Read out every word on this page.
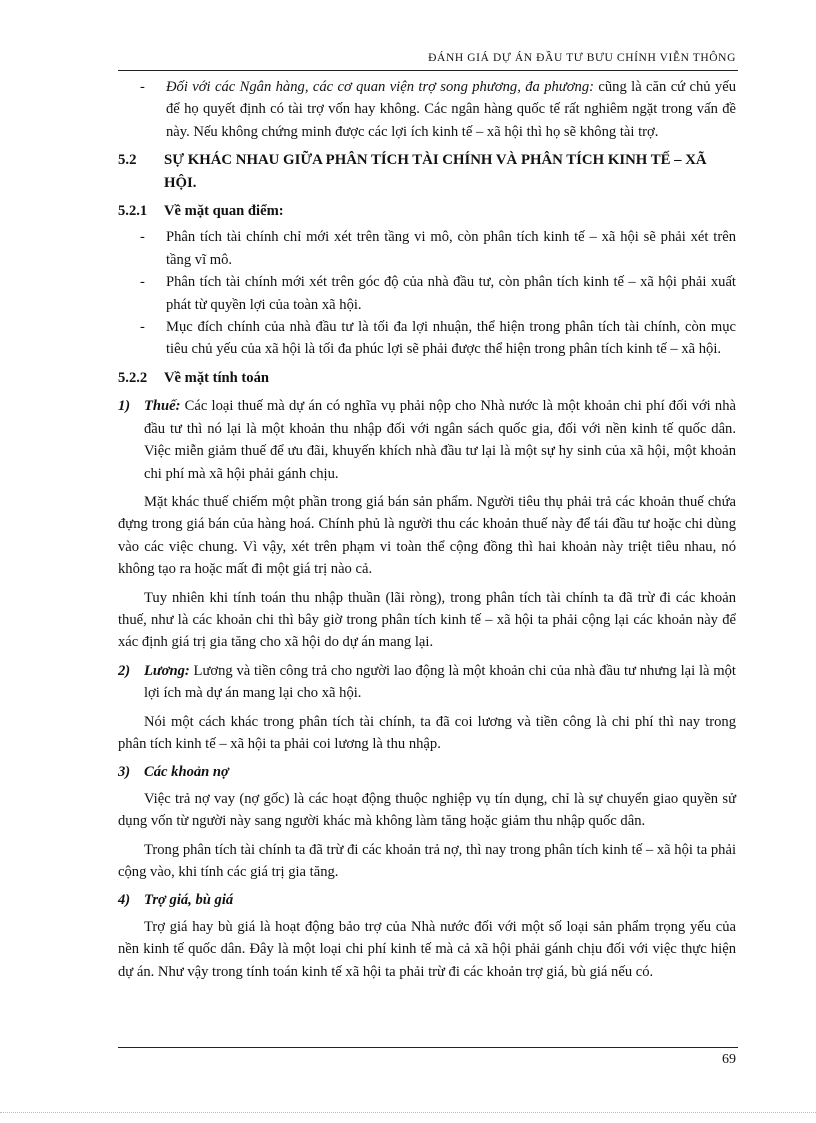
ĐÁNH GIÁ DỰ ÁN ĐẦU TƯ BƯU CHÍNH VIỄN THÔNG
-	Đối với các Ngân hàng, các cơ quan viện trợ song phương, đa phương: cũng là căn cứ chủ yếu để họ quyết định có tài trợ vốn hay không. Các ngân hàng quốc tế rất nghiêm ngặt trong vấn đề này. Nếu không chứng minh được các lợi ích kinh tế – xã hội thì họ sẽ không tài trợ.
5.2	SỰ KHÁC NHAU GIỮA PHÂN TÍCH TÀI CHÍNH VÀ PHÂN TÍCH KINH TẾ – XÃ HỘI.
5.2.1	Về mặt quan điểm:
-	Phân tích tài chính chỉ mới xét trên tầng vi mô, còn phân tích kinh tế – xã hội sẽ phải xét trên tầng vĩ mô.
-	Phân tích tài chính mới xét trên góc độ của nhà đầu tư, còn phân tích kinh tế – xã hội phải xuất phát từ quyền lợi của toàn xã hội.
-	Mục đích chính của nhà đầu tư là tối đa lợi nhuận, thể hiện trong phân tích tài chính, còn mục tiêu chủ yếu của xã hội là tối đa phúc lợi sẽ phải được thể hiện trong phân tích kinh tế – xã hội.
5.2.2	Về mặt tính toán
1) Thuế: Các loại thuế mà dự án có nghĩa vụ phải nộp cho Nhà nước là một khoản chi phí đối với nhà đầu tư thì nó lại là một khoản thu nhập đối với ngân sách quốc gia, đối với nền kinh tế quốc dân. Việc miễn giảm thuế để ưu đãi, khuyến khích nhà đầu tư lại là một sự hy sinh của xã hội, một khoản chi phí mà xã hội phải gánh chịu.

Mặt khác thuế chiếm một phần trong giá bán sản phẩm. Người tiêu thụ phải trả các khoản thuế chứa đựng trong giá bán của hàng hoá. Chính phủ là người thu các khoản thuế này để tái đầu tư hoặc chi dùng vào các việc chung. Vì vậy, xét trên phạm vi toàn thể cộng đồng thì hai khoản này triệt tiêu nhau, nó không tạo ra hoặc mất đi một giá trị nào cả.

Tuy nhiên khi tính toán thu nhập thuần (lãi ròng), trong phân tích tài chính ta đã trừ đi các khoản thuế, như là các khoản chi thì bây giờ trong phân tích kinh tế – xã hội ta phải cộng lại các khoản này để xác định giá trị gia tăng cho xã hội do dự án mang lại.

2) Lương: Lương và tiền công trả cho người lao động là một khoản chi của nhà đầu tư nhưng lại là một lợi ích mà dự án mang lại cho xã hội.

Nói một cách khác trong phân tích tài chính, ta đã coi lương và tiền công là chi phí thì nay trong phân tích kinh tế – xã hội ta phải coi lương là thu nhập.

3) Các khoản nợ

Việc trả nợ vay (nợ gốc) là các hoạt động thuộc nghiệp vụ tín dụng, chỉ là sự chuyển giao quyền sử dụng vốn từ người này sang người khác mà không làm tăng hoặc giảm thu nhập quốc dân.

Trong phân tích tài chính ta đã trừ đi các khoản trả nợ, thì nay trong phân tích kinh tế – xã hội ta phải cộng vào, khi tính các giá trị gia tăng.

4) Trợ giá, bù giá

Trợ giá hay bù giá là hoạt động bảo trợ của Nhà nước đối với một số loại sản phẩm trọng yếu của nền kinh tế quốc dân. Đây là một loại chi phí kinh tế mà cả xã hội phải gánh chịu đối với việc thực hiện dự án. Như vậy trong tính toán kinh tế xã hội ta phải trừ đi các khoản trợ giá, bù giá nếu có.

69
